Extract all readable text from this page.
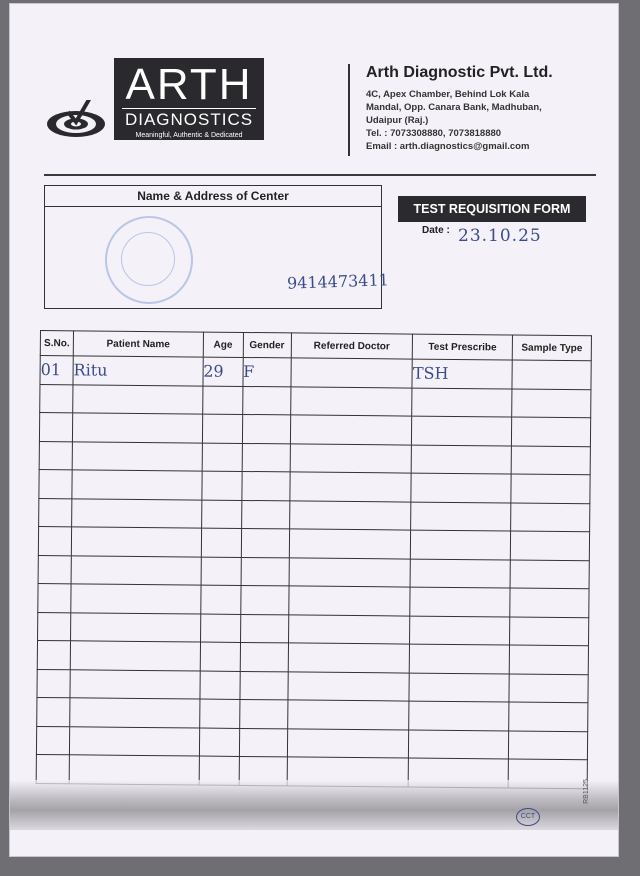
ARTH
DIAGNOSTICS
Meaningful, Authentic & Dedicated
Arth Diagnostic Pvt. Ltd.
4C, Apex Chamber, Behind Lok Kala
Mandal, Opp. Canara Bank, Madhuban,
Udaipur (Raj.)
Tel. : 7073308880, 7073818880
Email : arth.diagnostics@gmail.com
Name & Address of Center
9414473411
TEST REQUISITION FORM
Date : 23.10.25
S.No.	Patient Name	Age	Gender	Referred Doctor	Test Prescribe	Sample Type
01	Ritu	29	F		TSH	

RB1125
CCT
